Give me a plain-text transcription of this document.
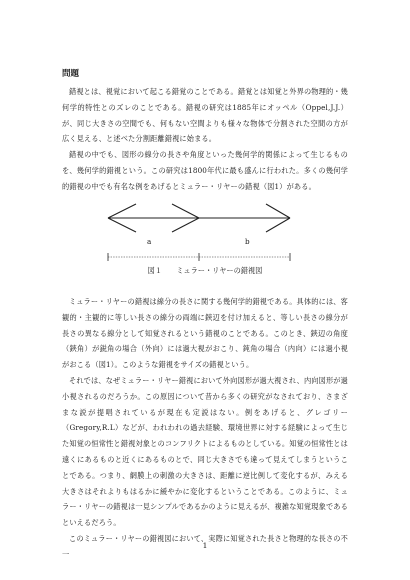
問題

錯視とは、視覚において起こる錯覚のことである。錯覚とは知覚と外界の物理的・幾何学的特性とのズレのことである。錯視の研究は1885年にオッペル（Oppel,J.J.）が、同じ大きさの空間でも、何もない空間よりも様々な物体で分割された空間の方が広く見える、と述べた分割距離錯視に始まる。

錯視の中でも、図形の線分の長さや角度といった幾何学的関係によって生じるものを、幾何学的錯視という。この研究は1800年代に最も盛んに行われた。多くの幾何学的錯視の中でも有名な例をあげるとミュラー・リヤーの錯視（図1）がある。

a	b
図１　　ミュラー・リヤーの錯視図

ミュラー・リヤーの錯視は線分の長さに関する幾何学的錯視である。具体的には、客観的・主観的に等しい長さの線分の両端に鋏辺を付け加えると、等しい長さの線分が長さの異なる線分として知覚されるという錯視のことである。このとき、鋏辺の角度（鋏角）が鋭角の場合（外向）には過大視がおこり、鈍角の場合（内向）には過小視がおこる（図1）。このような錯視をサイズの錯視という。

それでは、なぜミュラー・リヤー錯視において外向図形が過大視され、内向図形が過小視されるのだろうか。この原因について昔から多くの研究がなされており、さまざまな説が提唱されているが現在も定説はない。例をあげると、グレゴリー（Gregory,R.L）などが、われわれの過去経験、環境世界に対する経験によって生じた知覚の恒常性と錯視対象とのコンフリクトによるものとしている。知覚の恒常性とは遠くにあるものと近くにあるものとで、同じ大きさでも違って見えてしまうということである。つまり、網膜上の刺激の大きさは、距離に逆比例して変化するが、みえる大きさはそれよりもはるかに緩やかに変化するということである。このように、ミュラー・リヤーの錯視は一見シンプルであるかのように見えるが、複雑な知覚現象であるといえるだろう。

このミュラー・リヤーの錯視図において、実際に知覚された長さと物理的な長さの不一

1
